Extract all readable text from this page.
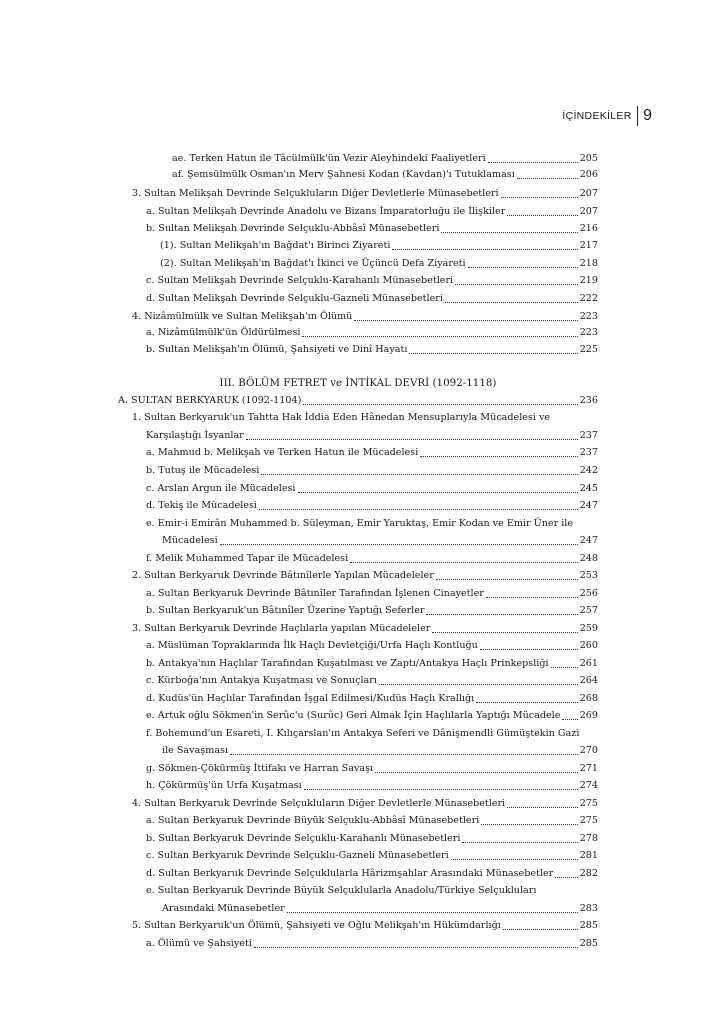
İÇİNDEKİLER 9
ae. Terken Hatun ile Tâcülmülk'ün Vezir Aleyhindeki Faaliyetleri	205
af. Şemsülmülk Osman'ın Merv Şahnesi Kodan (Kavdan)'ı Tutuklaması	206
3. Sultan Melikşah Devrinde Selçukluların Diğer Devletlerle Münasebetleri	207
a. Sultan Melikşah Devrinde Anadolu ve Bizans İmparatorluğu ile İlişkiler	207
b. Sultan Melikşah Devrinde Selçuklu-Abbâsî Münasebetleri	216
(1). Sultan Melikşah'ın Bağdat'ı Birinci Ziyareti	217
(2). Sultan Melikşah'ın Bağdat'ı İkinci ve Üçüncü Defa Ziyareti	218
c. Sultan Melikşah Devrinde Selçuklu-Karahanlı Münasebetleri	219
d. Sultan Melikşah Devrinde Selçuklu-Gazneli Münasebetleri	222
4. Nizâmülmülk ve Sultan Melikşah'ın Ölümü	223
a. Nizâmülmülk'ün Öldürülmesi	223
b. Sultan Melikşah'ın Ölümü, Şahsiyeti ve Dinî Hayatı	225
III. BÖLÜM FETRET ve İNTİKAL DEVRİ (1092-1118)
A. SULTAN BERKYARUK (1092-1104)	236
1. Sultan Berkyaruk'un Tahtta Hak İddia Eden Hânedan Mensuplarıyla Mücadelesi ve
Karşılaştığı İsyanlar	237
a. Mahmud b. Melikşah ve Terken Hatun ile Mücadelesi	237
b. Tutuş ile Mücadelesi	242
c. Arslan Argun ile Mücadelesi	245
d. Tekiş ile Mücadelesi	247
e. Emir-i Emirân Muhammed b. Süleyman, Emir Yaruktaş, Emir Kodan ve Emir Üner ile
Mücadelesi	247
f. Melik Muhammed Tapar ile Mücadelesi	248
2. Sultan Berkyaruk Devrinde Bâtınîlerle Yapılan Mücadeleler	253
a. Sultan Berkyaruk Devrinde Bâtınîler Tarafından İşlenen Cinayetler	256
b. Sultan Berkyaruk'un Bâtınîler Üzerine Yaptığı Seferler	257
3. Sultan Berkyaruk Devrinde Haçlılarla yapılan Mücadeleler	259
a. Müslüman Topraklarında İlk Haçlı Devletçiği/Urfa Haçlı Kontluğu	260
b. Antakya'nın Haçlılar Tarafından Kuşatılması ve Zaptı/Antakya Haçlı Prinkepsliği	261
c. Kürboğa'nın Antakya Kuşatması ve Sonuçları	264
d. Kudüs'ün Haçlılar Tarafından İşgal Edilmesi/Kudüs Haçlı Krallığı	268
e. Artuk oğlu Sökmen'in Serûc'u (Surûc) Geri Almak İçin Haçlılarla Yaptığı Mücadele 269
f. Bohemund'un Esareti, I. Kılıçarslan'ın Antakya Seferi ve Dânişmendli Gümüştekin Gazi
ile Savaşması	270
g. Sökmen-Çökürmüş İttifakı ve Harran Savaşı	271
h. Çökürmüş'ün Urfa Kuşatması	274
4. Sultan Berkyaruk Devrinde Selçukluların Diğer Devletlerle Münasebetleri	275
a. Sultan Berkyaruk Devrinde Büyük Selçuklu-Abbâsî Münasebetleri	275
b. Sultan Berkyaruk Devrinde Selçuklu-Karahanlı Münasebetleri	278
c. Sultan Berkyaruk Devrinde Selçuklu-Gazneli Münasebetleri	281
d. Sultan Berkyaruk Devrinde Selçuklularla Hârizmşahlar Arasındaki Münasebetler	282
e. Sultan Berkyaruk Devrinde Büyük Selçuklularla Anadolu/Türkiye Selçukluları
Arasındaki Münasebetler	283
5. Sultan Berkyaruk'un Ölümü, Şahsiyeti ve Oğlu Melikşah'ın Hükümdarlığı	285
a. Ölümü ve Şahsiyeti	285
